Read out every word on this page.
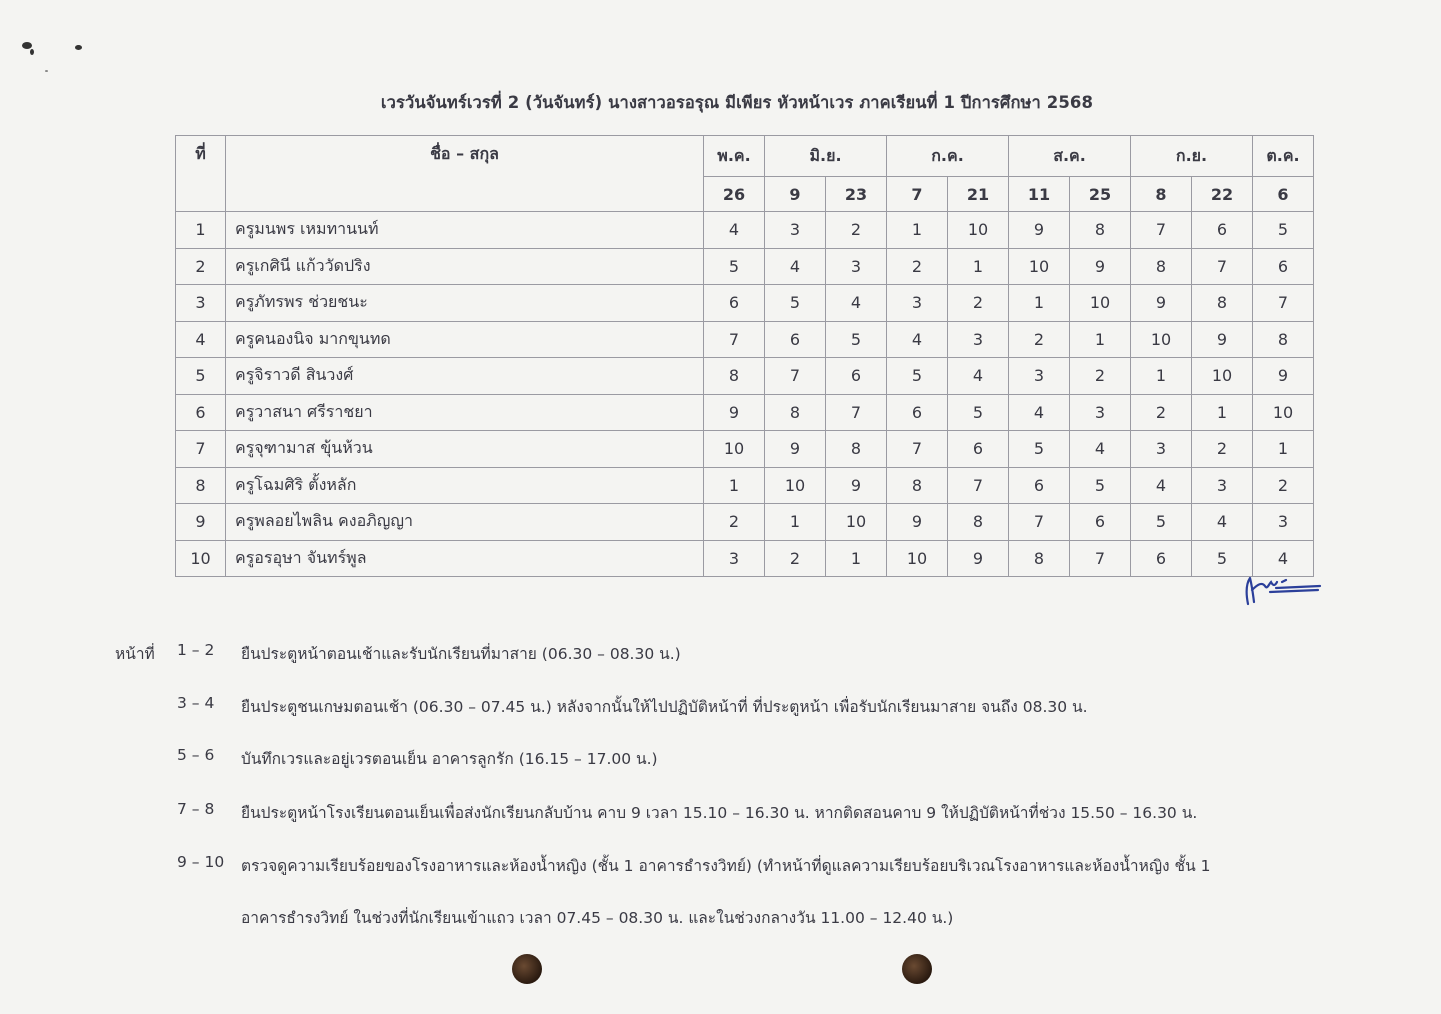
เวรวันจันทร์เวรที่ 2 (วันจันทร์) นางสาวอรอรุณ มีเพียร หัวหน้าเวร ภาคเรียนที่ 1 ปีการศึกษา 2568
ที่	ชื่อ – สกุล	พ.ค.	มิ.ย.		ก.ค.		ส.ค.		ก.ย.		ต.ค.
		26	9	23	7	21	11	25	8	22	6
1	ครูมนพร เหมทานนท์	4	3	2	1	10	9	8	7	6	5
2	ครูเกศินี แก้ววัดปริง	5	4	3	2	1	10	9	8	7	6
3	ครูภัทรพร ช่วยชนะ	6	5	4	3	2	1	10	9	8	7
4	ครูคนองนิจ มากขุนทด	7	6	5	4	3	2	1	10	9	8
5	ครูจิราวดี สินวงศ์	8	7	6	5	4	3	2	1	10	9
6	ครูวาสนา ศรีราชยา	9	8	7	6	5	4	3	2	1	10
7	ครูจุฑามาส ขุ้นห้วน	10	9	8	7	6	5	4	3	2	1
8	ครูโฉมศิริ ตั้งหลัก	1	10	9	8	7	6	5	4	3	2
9	ครูพลอยไพลิน คงอภิญญา	2	1	10	9	8	7	6	5	4	3
10	ครูอรอุษา จันทร์พูล	3	2	1	10	9	8	7	6	5	4
หน้าที่ 1 – 2 ยืนประตูหน้าตอนเช้าและรับนักเรียนที่มาสาย (06.30 – 08.30 น.)
3 – 4 ยืนประตูชนเกษมตอนเช้า (06.30 – 07.45 น.) หลังจากนั้นให้ไปปฏิบัติหน้าที่ ที่ประตูหน้า เพื่อรับนักเรียนมาสาย จนถึง 08.30 น.
5 – 6 บันทึกเวรและอยู่เวรตอนเย็น อาคารลูกรัก (16.15 – 17.00 น.)
7 – 8 ยืนประตูหน้าโรงเรียนตอนเย็นเพื่อส่งนักเรียนกลับบ้าน คาบ 9 เวลา 15.10 – 16.30 น. หากติดสอนคาบ 9 ให้ปฏิบัติหน้าที่ช่วง 15.50 – 16.30 น.
9 – 10 ตรวจดูความเรียบร้อยของโรงอาหารและห้องน้ำหญิง (ชั้น 1 อาคารธำรงวิทย์) (ทำหน้าที่ดูแลความเรียบร้อยบริเวณโรงอาหารและห้องน้ำหญิง ชั้น 1
อาคารธำรงวิทย์ ในช่วงที่นักเรียนเข้าแถว เวลา 07.45 – 08.30 น. และในช่วงกลางวัน 11.00 – 12.40 น.)
